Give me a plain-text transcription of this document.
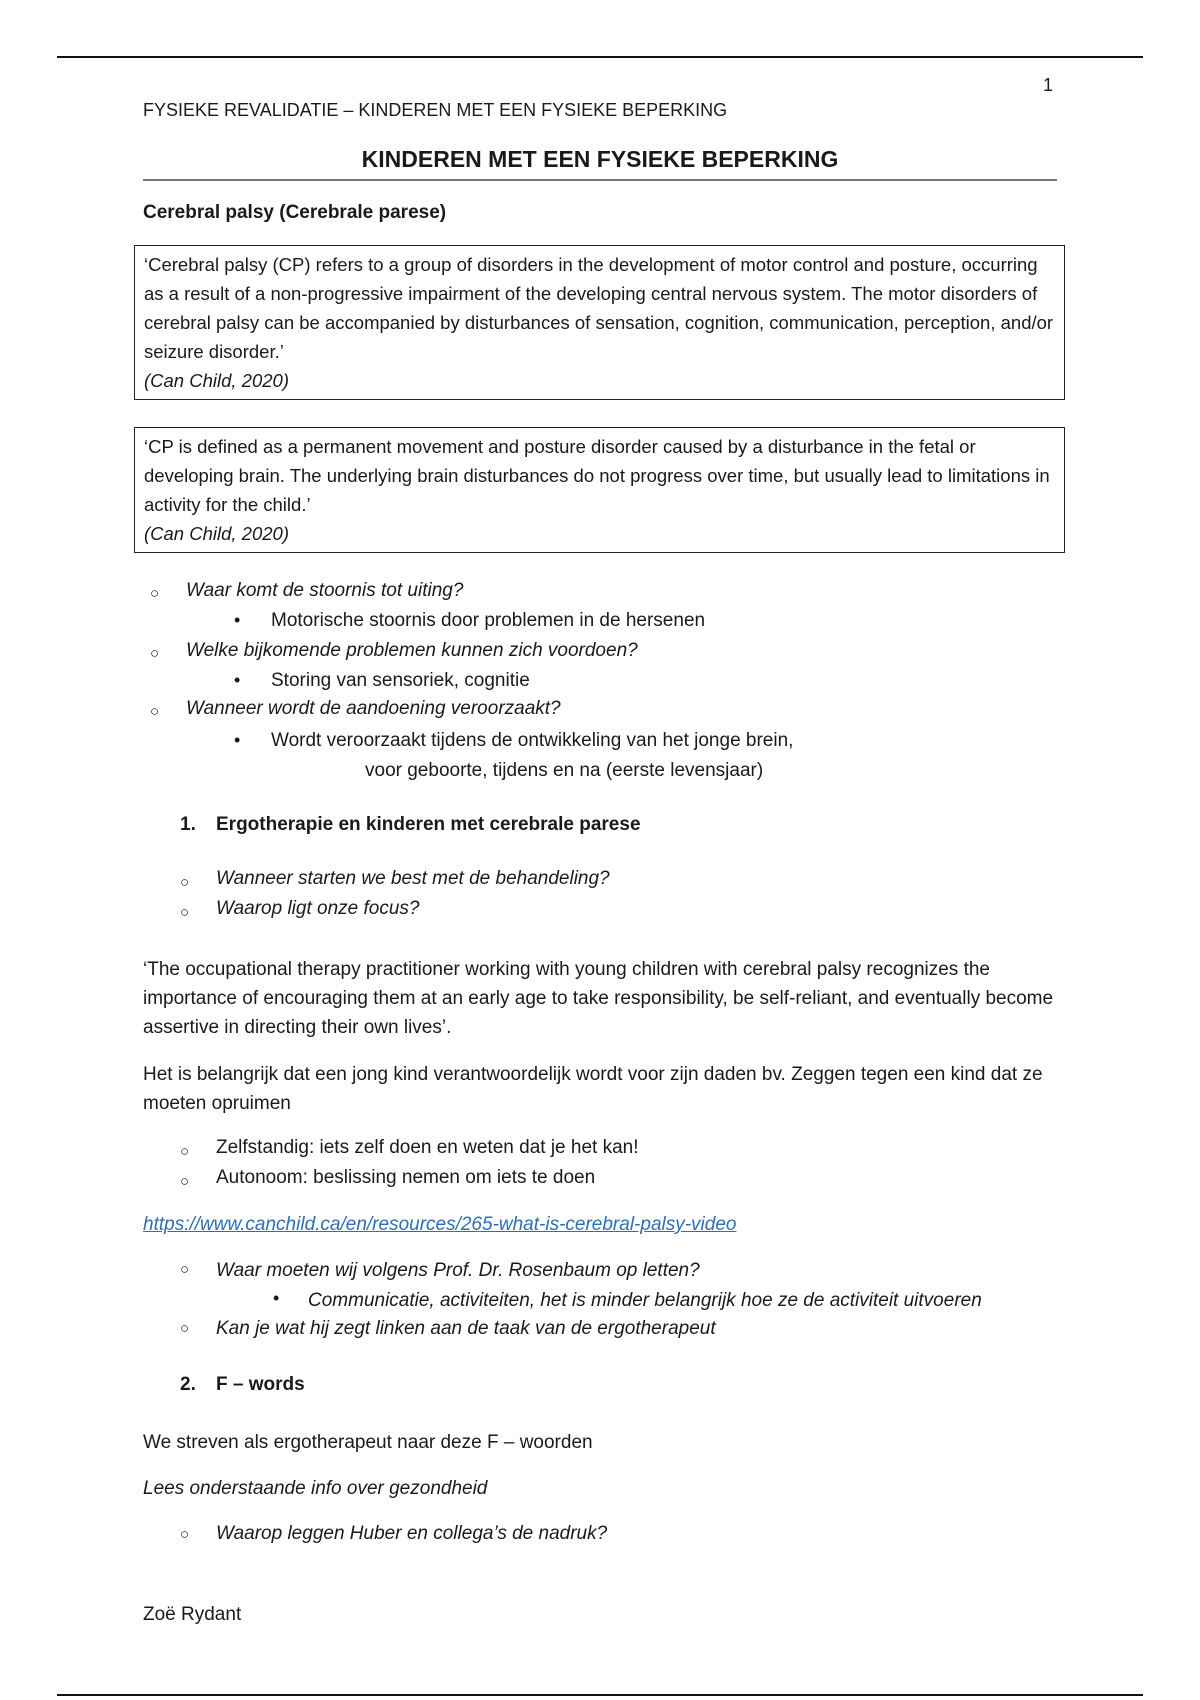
1
FYSIEKE REVALIDATIE – KINDEREN MET EEN FYSIEKE BEPERKING
KINDEREN MET EEN FYSIEKE BEPERKING
Cerebral palsy (Cerebrale parese)
‘Cerebral palsy (CP) refers to a group of disorders in the development of motor control and posture, occurring as a result of a non-progressive impairment of the developing central nervous system. The motor disorders of cerebral palsy can be accompanied by disturbances of sensation, cognition, communication, perception, and/or seizure disorder.’
(Can Child, 2020)
‘CP is defined as a permanent movement and posture disorder caused by a disturbance in the fetal or developing brain. The underlying brain disturbances do not progress over time, but usually lead to limitations in activity for the child.’
(Can Child, 2020)
○ Waar komt de stoornis tot uiting?
• Motorische stoornis door problemen in de hersenen
○ Welke bijkomende problemen kunnen zich voordoen?
• Storing van sensoriek, cognitie
○ Wanneer wordt de aandoening veroorzaakt?
• Wordt veroorzaakt tijdens de ontwikkeling van het jonge brein,
voor geboorte, tijdens en na (eerste levensjaar)
1. Ergotherapie en kinderen met cerebrale parese
○ Wanneer starten we best met de behandeling?
○ Waarop ligt onze focus?
‘The occupational therapy practitioner working with young children with cerebral palsy recognizes the importance of encouraging them at an early age to take responsibility, be self-reliant, and eventually become assertive in directing their own lives’.
Het is belangrijk dat een jong kind verantwoordelijk wordt voor zijn daden bv. Zeggen tegen een kind dat ze moeten opruimen
○ Zelfstandig: iets zelf doen en weten dat je het kan!
○ Autonoom: beslissing nemen om iets te doen
https://www.canchild.ca/en/resources/265-what-is-cerebral-palsy-video
○ Waar moeten wij volgens Prof. Dr. Rosenbaum op letten?
• Communicatie, activiteiten, het is minder belangrijk hoe ze de activiteit uitvoeren
○ Kan je wat hij zegt linken aan de taak van de ergotherapeut
2. F – words
We streven als ergotherapeut naar deze F – woorden
Lees onderstaande info over gezondheid
○ Waarop leggen Huber en collega’s de nadruk?
Zoë Rydant
